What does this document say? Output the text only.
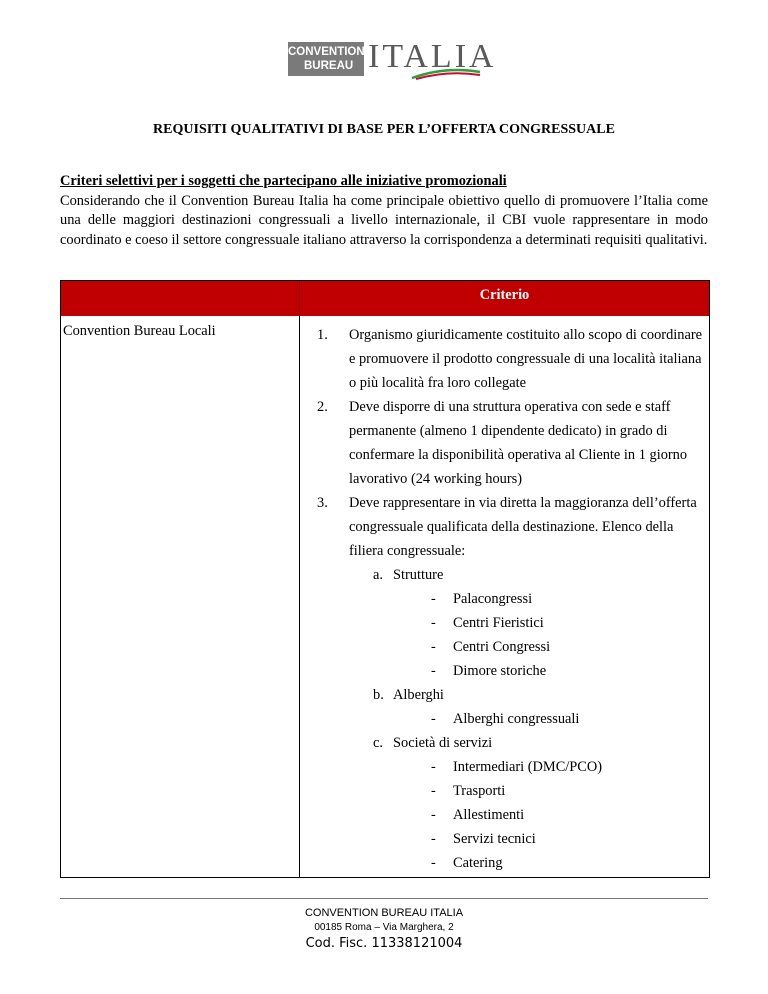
CONVENTION
BUREAU ITALIA
REQUISITI QUALITATIVI DI BASE PER L’OFFERTA CONGRESSUALE
Criteri selettivi per i soggetti che partecipano alle iniziative promozionali
Considerando che il Convention Bureau Italia ha come principale obiettivo quello di promuovere l’Italia come una delle maggiori destinazioni congressuali a livello internazionale, il CBI vuole rappresentare in modo coordinato e coeso il settore congressuale italiano attraverso la corrispondenza a determinati requisiti qualitativi.
Criterio
Convention Bureau Locali	1. Organismo giuridicamente costituito allo scopo di coordinare e promuovere il prodotto congressuale di una località italiana o più località fra loro collegate
2. Deve disporre di una struttura operativa con sede e staff permanente (almeno 1 dipendente dedicato) in grado di confermare la disponibilità operativa al Cliente in 1 giorno lavorativo (24 working hours)
3. Deve rappresentare in via diretta la maggioranza dell’offerta congressuale qualificata della destinazione. Elenco della filiera congressuale:
a. Strutture
- Palacongressi
- Centri Fieristici
- Centri Congressi
- Dimore storiche
b. Alberghi
- Alberghi congressuali
c. Società di servizi
- Intermediari (DMC/PCO)
- Trasporti
- Allestimenti
- Servizi tecnici
- Catering
CONVENTION BUREAU ITALIA
00185 Roma – Via Marghera, 2
Cod. Fisc. 11338121004
